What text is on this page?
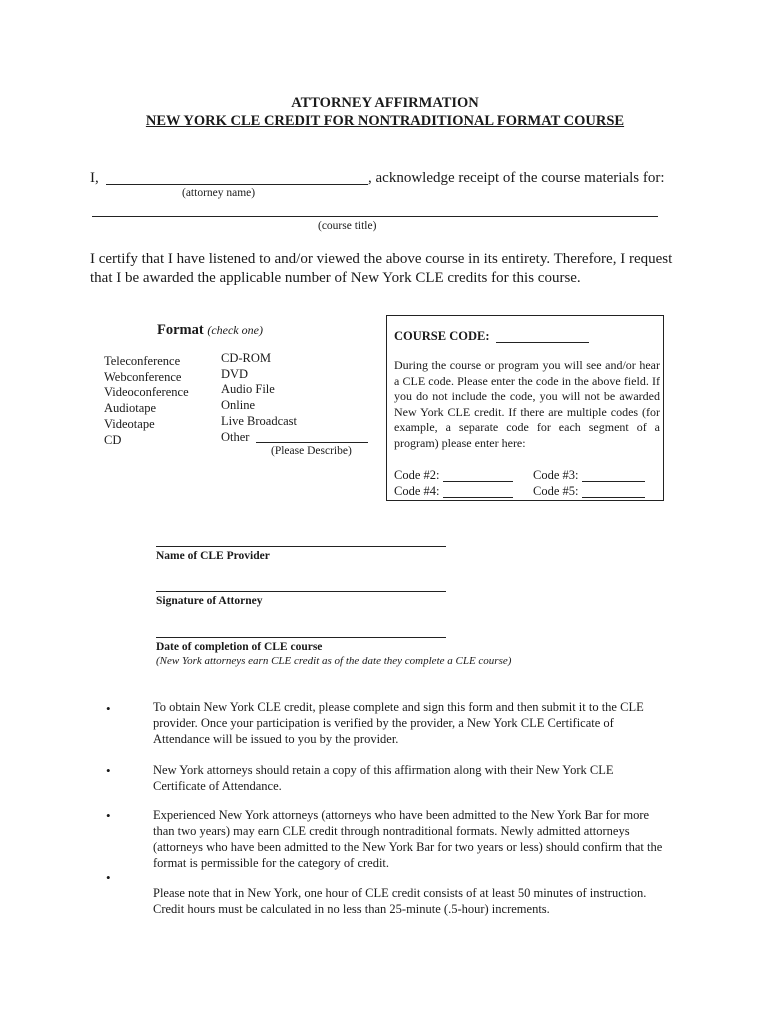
ATTORNEY AFFIRMATION
NEW YORK CLE CREDIT FOR NONTRADITIONAL FORMAT COURSE
I,	, acknowledge receipt of the course materials for:
(attorney name)
(course title)
I certify that I have listened to and/or viewed the above course in its entirety. Therefore, I request
that I be awarded the applicable number of New York CLE credits for this course.
Format (check one)
Teleconference
Webconference
Videoconference
Audiotape
Videotape
CD
CD-ROM
DVD
Audio File
Online
Live Broadcast
Other
(Please Describe)
COURSE CODE:
During the course or program you will see and/or hear a CLE code. Please enter the code in the above field. If you do not include the code, you will not be awarded New York CLE credit. If there are multiple codes (for example, a separate code for each segment of a program) please enter here:
Code #2:	Code #3:
Code #4:	Code #5:
Name of CLE Provider
Signature of Attorney
Date of completion of CLE course
(New York attorneys earn CLE credit as of the date they complete a CLE course)
•	To obtain New York CLE credit, please complete and sign this form and then submit it to the CLE provider. Once your participation is verified by the provider, a New York CLE Certificate of Attendance will be issued to you by the provider.
•	New York attorneys should retain a copy of this affirmation along with their New York CLE Certificate of Attendance.
•	Experienced New York attorneys (attorneys who have been admitted to the New York Bar for more than two years) may earn CLE credit through nontraditional formats. Newly admitted attorneys (attorneys who have been admitted to the New York Bar for two years or less) should confirm that the format is permissible for the category of credit.
•
Please note that in New York, one hour of CLE credit consists of at least 50 minutes of instruction. Credit hours must be calculated in no less than 25-minute (.5-hour) increments.
